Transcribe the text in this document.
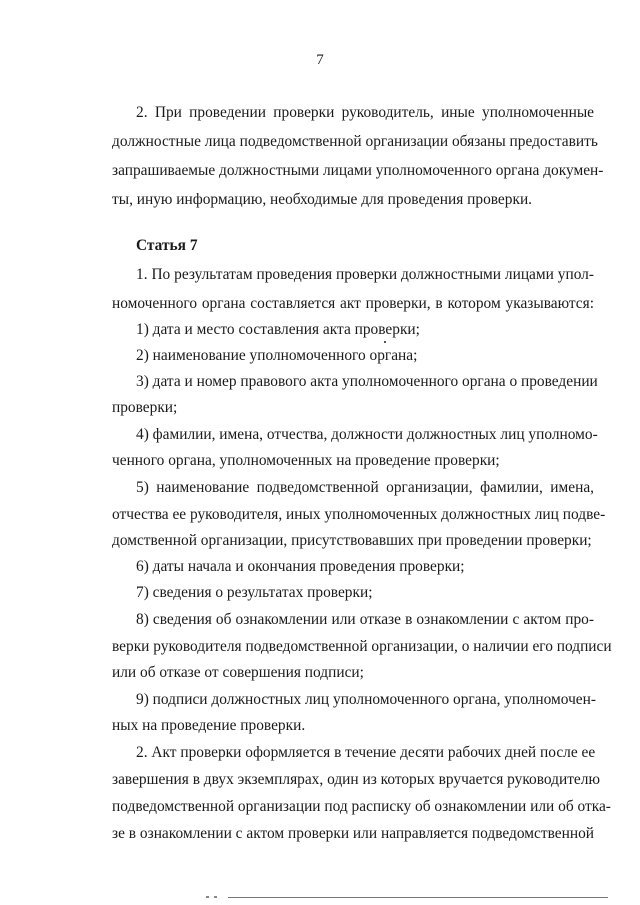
7
2. При проведении проверки руководитель, иные уполномоченные
должностные лица подведомственной организации обязаны предоставить
запрашиваемые должностными лицами уполномоченного органа докумен-
ты, иную информацию, необходимые для проведения проверки.
Статья 7
1. По результатам проведения проверки должностными лицами упол-
номоченного органа составляется акт проверки, в котором указываются:
1) дата и место составления акта проверки;
2) наименование уполномоченного органа;
3) дата и номер правового акта уполномоченного органа о проведении
проверки;
4) фамилии, имена, отчества, должности должностных лиц уполномо-
ченного органа, уполномоченных на проведение проверки;
5) наименование подведомственной организации, фамилии, имена,
отчества ее руководителя, иных уполномоченных должностных лиц подве-
домственной организации, присутствовавших при проведении проверки;
6) даты начала и окончания проведения проверки;
7) сведения о результатах проверки;
8) сведения об ознакомлении или отказе в ознакомлении с актом про-
верки руководителя подведомственной организации, о наличии его подписи
или об отказе от совершения подписи;
9) подписи должностных лиц уполномоченного органа, уполномочен-
ных на проведение проверки.
2. Акт проверки оформляется в течение десяти рабочих дней после ее
завершения в двух экземплярах, один из которых вручается руководителю
подведомственной организации под расписку об ознакомлении или об отка-
зе в ознакомлении с актом проверки или направляется подведомственной
